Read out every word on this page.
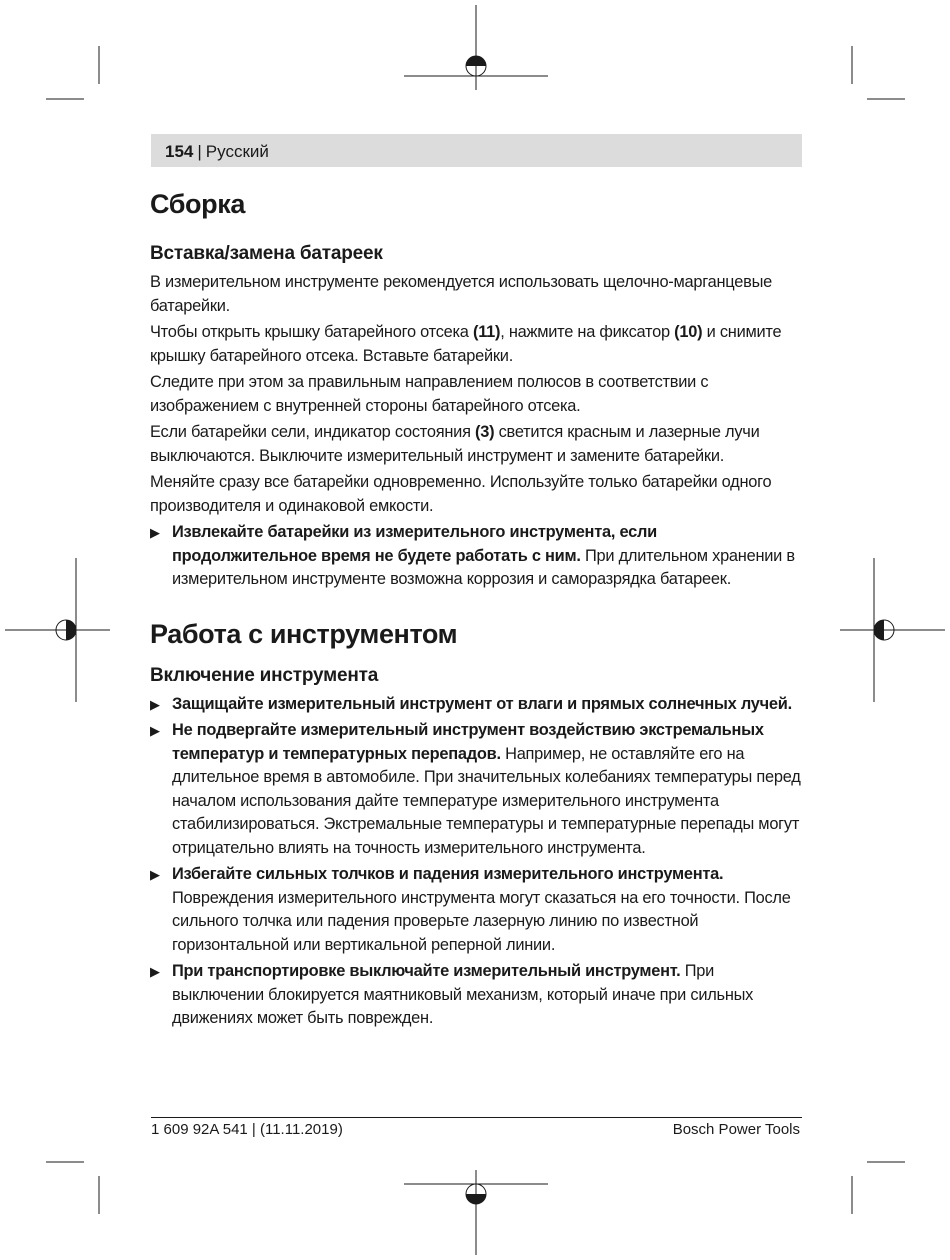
154 | Русский
Сборка
Вставка/замена батареек

В измерительном инструменте рекомендуется использовать щелочно-марганцевые батарейки.

Чтобы открыть крышку батарейного отсека (11), нажмите на фиксатор (10) и снимите крышку батарейного отсека. Вставьте батарейки.

Следите при этом за правильным направлением полюсов в соответствии с изображением с внутренней стороны батарейного отсека.

Если батарейки сели, индикатор состояния (3) светится красным и лазерные лучи выключаются. Выключите измерительный инструмент и замените батарейки.

Меняйте сразу все батарейки одновременно. Используйте только батарейки одного производителя и одинаковой емкости.

▶ Извлекайте батарейки из измерительного инструмента, если продолжительное время не будете работать с ним. При длительном хранении в измерительном инструменте возможна коррозия и саморазрядка батареек.
Работа с инструментом
Включение инструмента
▶ Защищайте измерительный инструмент от влаги и прямых солнечных лучей.
▶ Не подвергайте измерительный инструмент воздействию экстремальных температур и температурных перепадов. Например, не оставляйте его на длительное время в автомобиле. При значительных колебаниях температуры перед началом использования дайте температуре измерительного инструмента стабилизироваться. Экстремальные температуры и температурные перепады могут отрицательно влиять на точность измерительного инструмента.
▶ Избегайте сильных толчков и падения измерительного инструмента. Повреждения измерительного инструмента могут сказаться на его точности. После сильного толчка или падения проверьте лазерную линию по известной горизонтальной или вертикальной реперной линии.
▶ При транспортировке выключайте измерительный инструмент. При выключении блокируется маятниковый механизм, который иначе при сильных движениях может быть поврежден.
1 609 92A 541 | (11.11.2019)	Bosch Power Tools
